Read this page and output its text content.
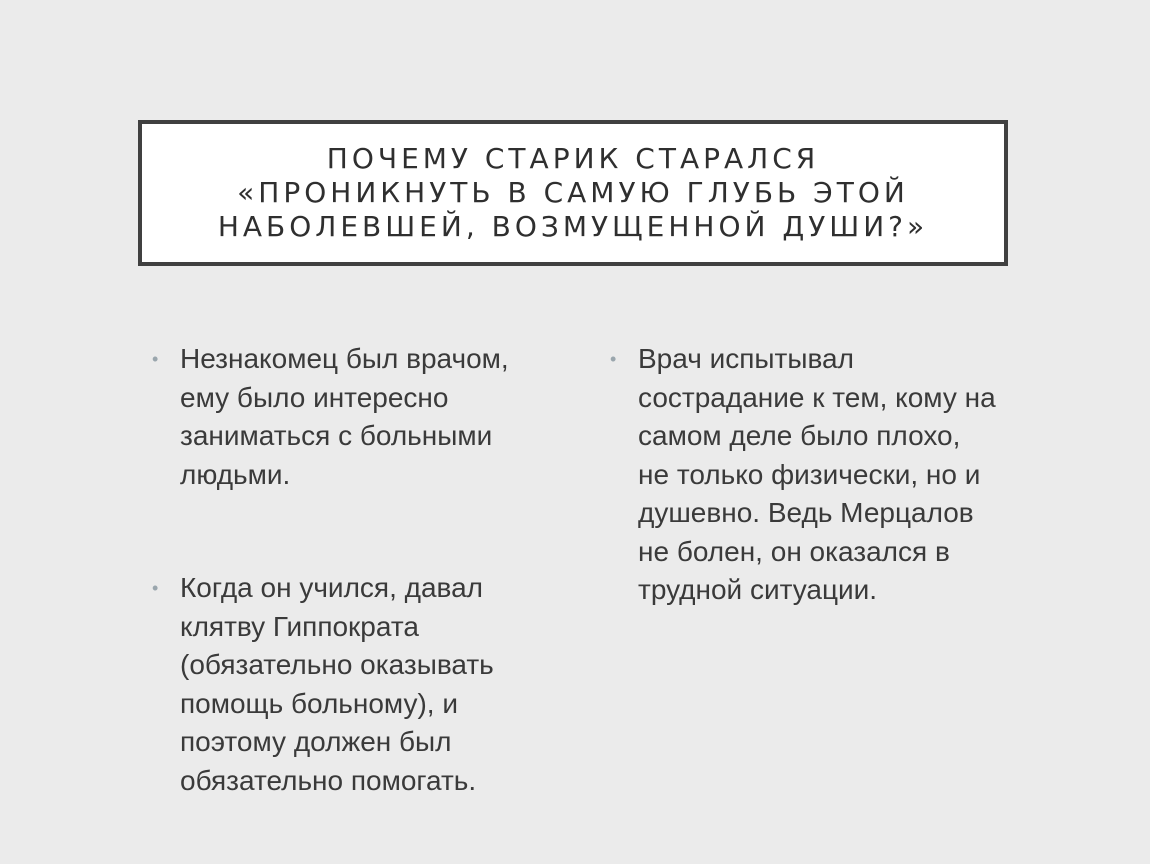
ПОЧЕМУ СТАРИК СТАРАЛСЯ «ПРОНИКНУТЬ В САМУЮ ГЛУБЬ ЭТОЙ НАБОЛЕВШЕЙ, ВОЗМУЩЕННОЙ ДУШИ?»

• Незнакомец был врачом, ему было интересно заниматься с больными людьми.
• Когда он учился, давал клятву Гиппократа (обязательно оказывать помощь больному), и поэтому должен был обязательно помогать.
• Врач испытывал сострадание к тем, кому на самом деле было плохо, не только физически, но и душевно. Ведь Мерцалов не болен, он оказался в трудной ситуации.
